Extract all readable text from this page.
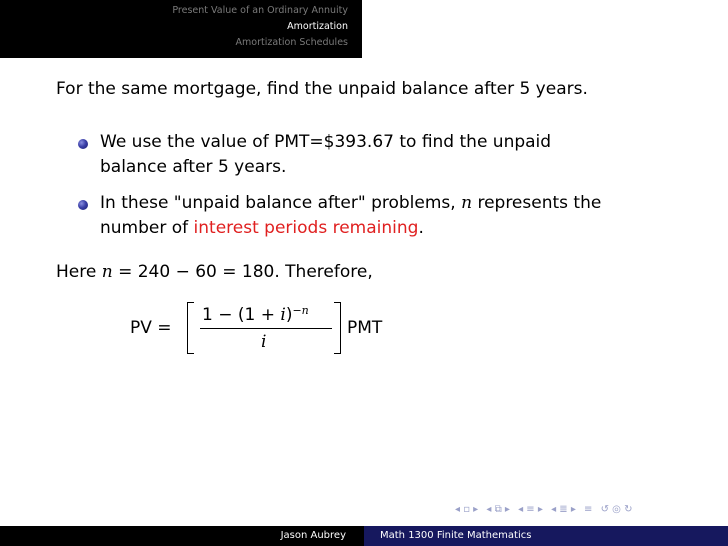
Present Value of an Ordinary Annuity
Amortization
Amortization Schedules
For the same mortgage, find the unpaid balance after 5 years.
We use the value of PMT=$393.67 to find the unpaid
balance after 5 years.
In these "unpaid balance after" problems, n represents the
number of interest periods remaining.
Here n = 240 − 60 = 180. Therefore,
PV =
$1 - (1 + i)^{-n}$
i
PMT
◂ ▫ ▸ ◂ ⧉ ▸ ◂ ≡ ▸ ◂ ≣ ▸ ≡ ↺ ◎ ↻
Jason Aubrey	Math 1300 Finite Mathematics
